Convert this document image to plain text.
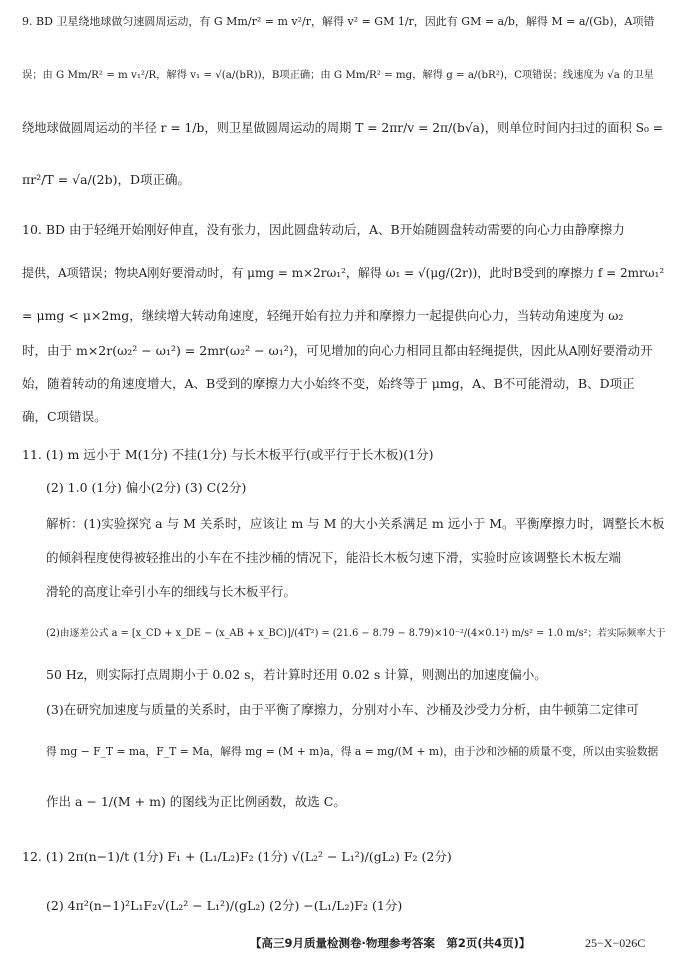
9. BD 卫星绕地球做匀速圆周运动，有 G Mm/r² = m v²/r，解得 v² = GM 1/r，因此有 GM = a/b，解得 M = a/(Gb)，A项错
误；由 G Mm/R² = m v₁²/R，解得 v₁ = √(a/(bR))，B项正确；由 G Mm/R² = mg，解得 g = a/(bR²)，C项错误；线速度为 √a 的卫星
绕地球做圆周运动的半径 r = 1/b，则卫星做圆周运动的周期 T = 2πr/v = 2π/(b√a)，则单位时间内扫过的面积 S₀ =
πr²/T = √a/(2b)，D项正确。
10. BD 由于轻绳开始刚好伸直，没有张力，因此圆盘转动后，A、B开始随圆盘转动需要的向心力由静摩擦力
提供，A项错误；物块A刚好要滑动时，有 μmg = m×2rω₁²，解得 ω₁ = √(μg/(2r))，此时B受到的摩擦力 f = 2mrω₁²
= μmg < μ×2mg，继续增大转动角速度，轻绳开始有拉力并和摩擦力一起提供向心力，当转动角速度为 ω₂
时，由于 m×2r(ω₂² − ω₁²) = 2mr(ω₂² − ω₁²)，可见增加的向心力相同且都由轻绳提供，因此从A刚好要滑动开
始，随着转动的角速度增大，A、B受到的摩擦力大小始终不变，始终等于 μmg，A、B不可能滑动，B、D项正
确，C项错误。
11. (1) m 远小于 M(1分) 不挂(1分) 与长木板平行(或平行于长木板)(1分)
(2) 1.0 (1分) 偏小(2分) (3) C(2分)
解析：(1)实验探究 a 与 M 关系时，应该让 m 与 M 的大小关系满足 m 远小于 M。平衡摩擦力时，调整长木板
的倾斜程度使得被轻推出的小车在不挂沙桶的情况下，能沿长木板匀速下滑，实验时应该调整长木板左端
滑轮的高度让牵引小车的细线与长木板平行。
(2)由逐差公式 a = [x_CD + x_DE − (x_AB + x_BC)]/(4T²) = (21.6 − 8.79 − 8.79)×10⁻²/(4×0.1²) m/s² = 1.0 m/s²；若实际频率大于
50 Hz，则实际打点周期小于 0.02 s，若计算时还用 0.02 s 计算，则测出的加速度偏小。
(3)在研究加速度与质量的关系时，由于平衡了摩擦力，分别对小车、沙桶及沙受力分析，由牛顿第二定律可
得 mg − F_T = ma，F_T = Ma，解得 mg = (M + m)a，得 a = mg/(M + m)，由于沙和沙桶的质量不变，所以由实验数据
作出 a − 1/(M + m) 的图线为正比例函数，故选 C。
12. (1) 2π(n−1)/t (1分) F₁ + (L₁/L₂)F₂ (1分) √(L₂² − L₁²)/(gL₂) F₂ (2分)
(2) 4π²(n−1)²L₁F₂√(L₂² − L₁²)/(gL₂) (2分) −(L₁/L₂)F₂ (1分)
【高三9月质量检测卷·物理参考答案　第2页(共4页)】	25−X−026C
